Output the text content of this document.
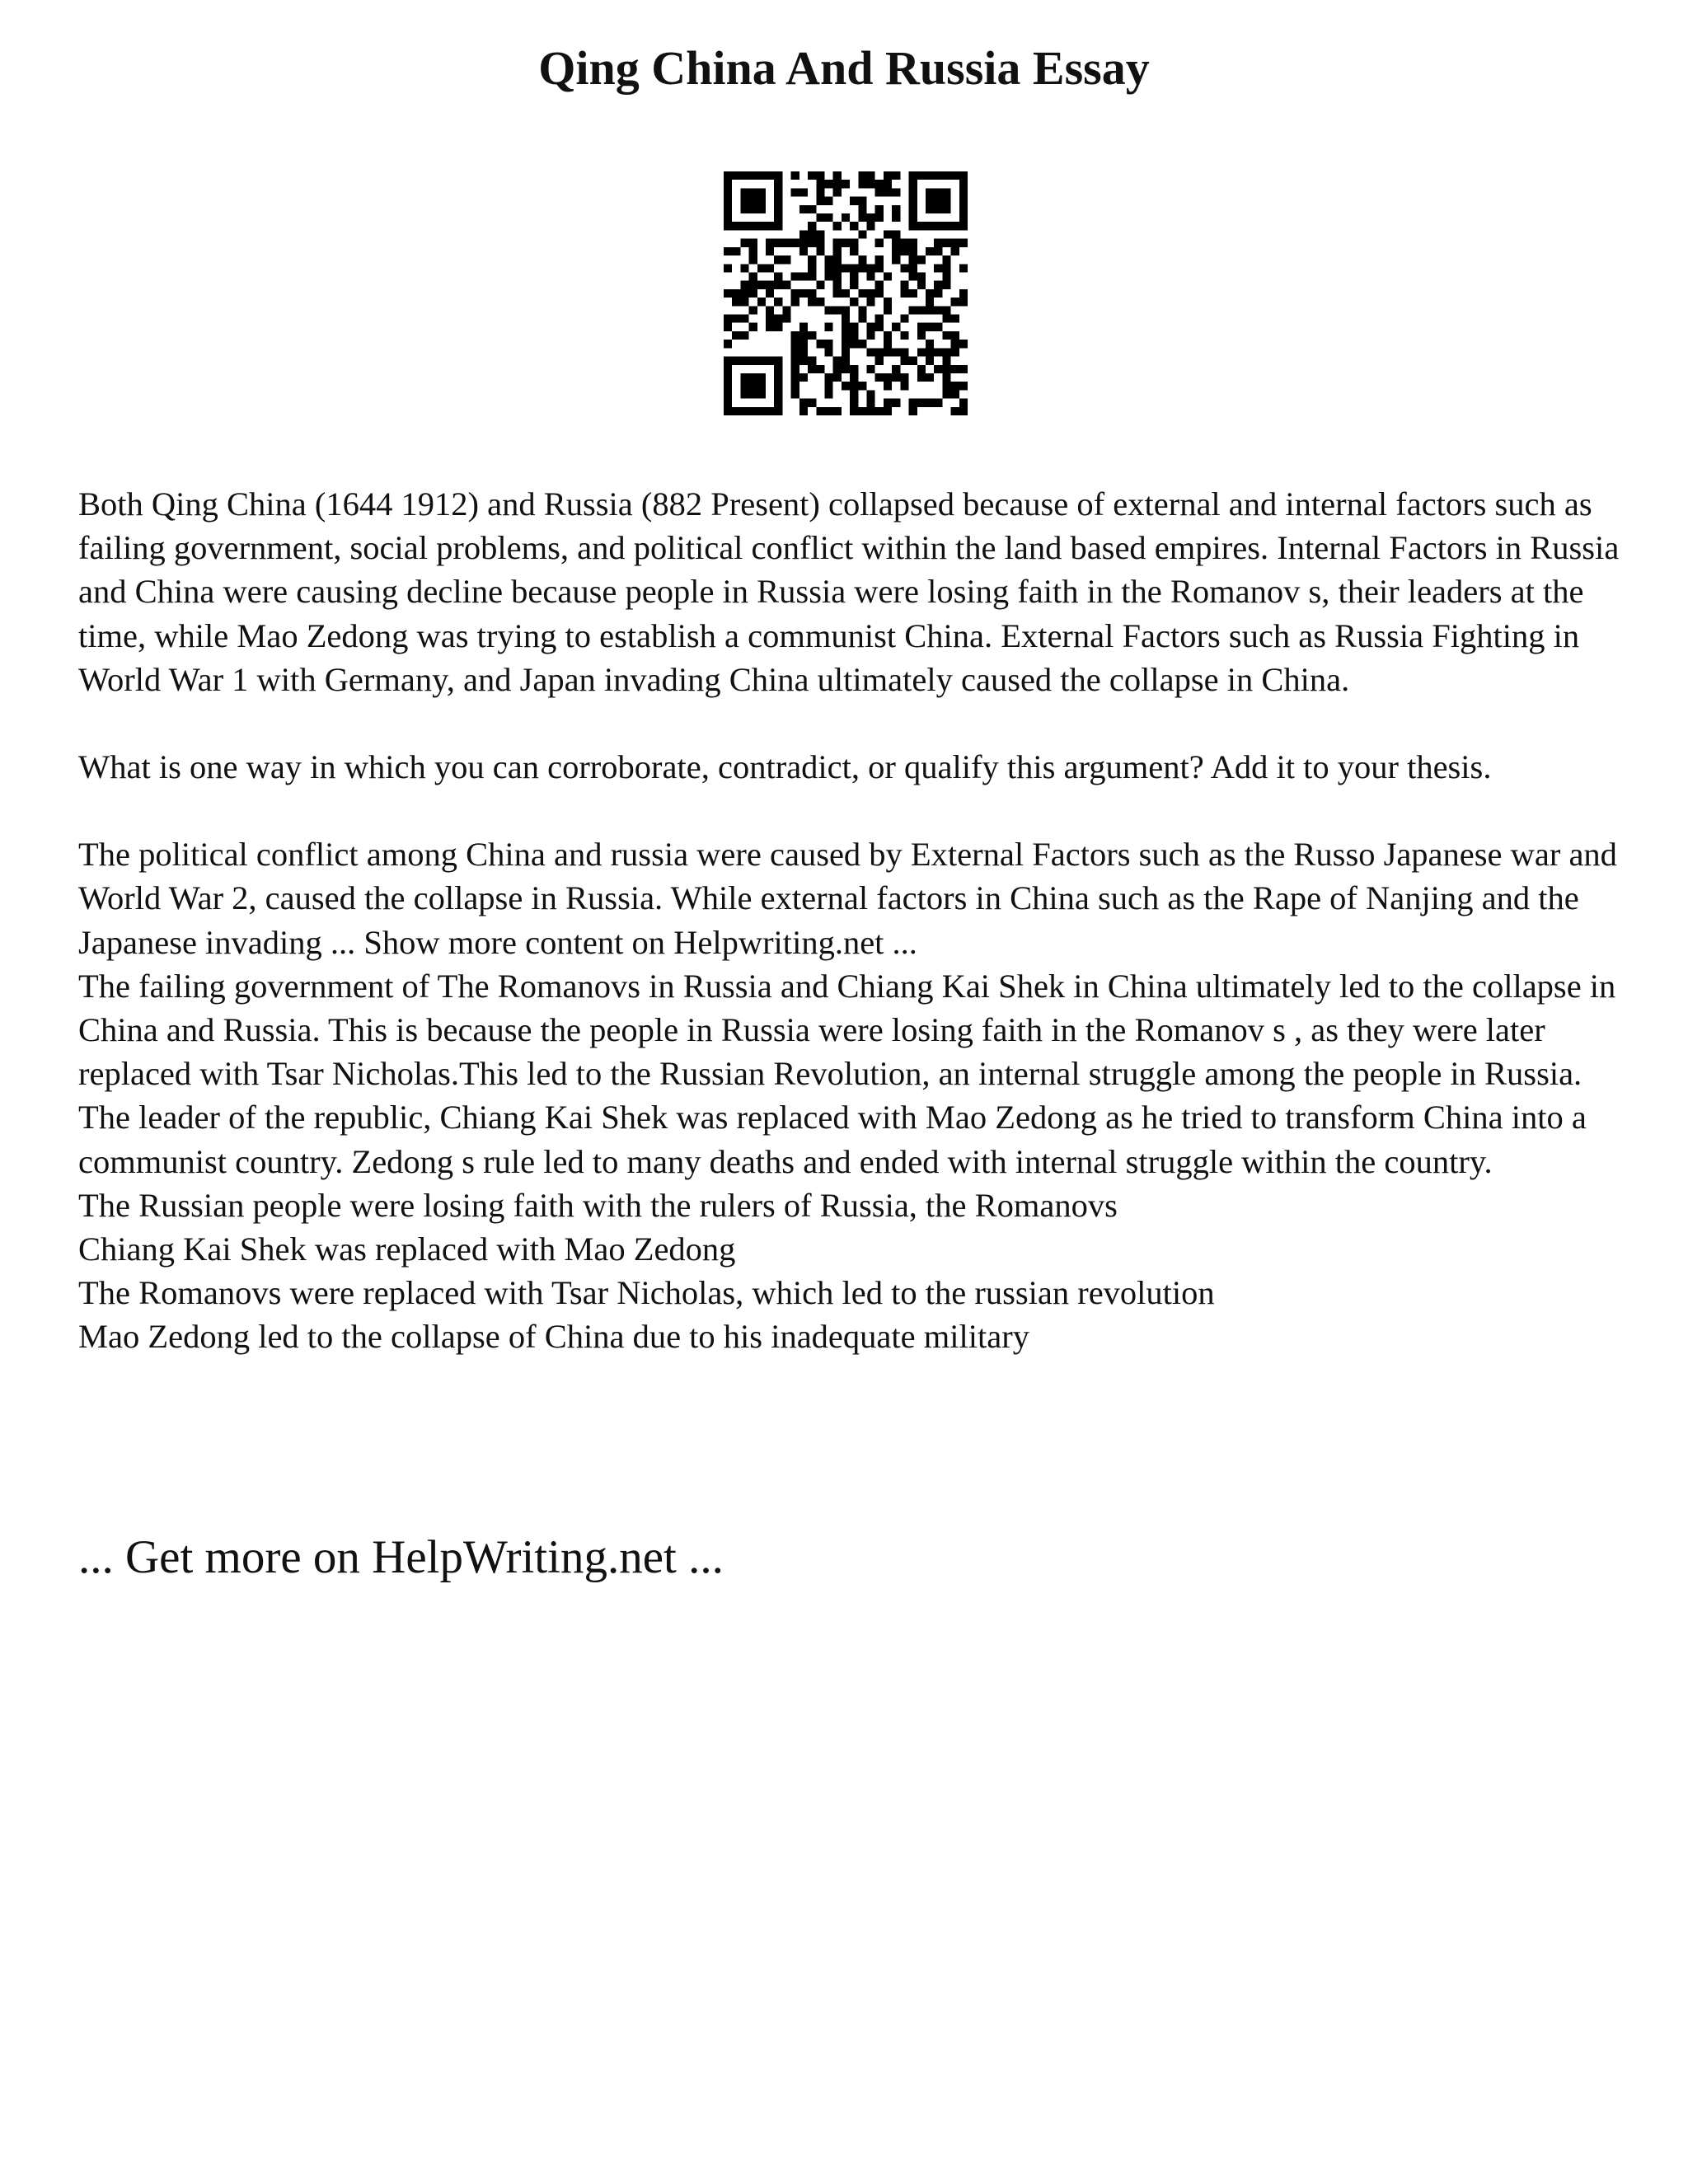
Qing China And Russia Essay

Both Qing China (1644 1912) and Russia (882 Present) collapsed because of external and internal factors such as failing government, social problems, and political conflict within the land based empires. Internal Factors in Russia and China were causing decline because people in Russia were losing faith in the Romanov s, their leaders at the time, while Mao Zedong was trying to establish a communist China. External Factors such as Russia Fighting in World War 1 with Germany, and Japan invading China ultimately caused the collapse in China.

What is one way in which you can corroborate, contradict, or qualify this argument? Add it to your thesis.

The political conflict among China and russia were caused by External Factors such as the Russo Japanese war and World War 2, caused the collapse in Russia. While external factors in China such as the Rape of Nanjing and the Japanese invading ... Show more content on Helpwriting.net ...

The failing government of The Romanovs in Russia and Chiang Kai Shek in China ultimately led to the collapse in China and Russia. This is because the people in Russia were losing faith in the Romanov s , as they were later replaced with Tsar Nicholas.This led to the Russian Revolution, an internal struggle among the people in Russia. The leader of the republic, Chiang Kai Shek was replaced with Mao Zedong as he tried to transform China into a communist country. Zedong s rule led to many deaths and ended with internal struggle within the country.

The Russian people were losing faith with the rulers of Russia, the Romanovs

Chiang Kai Shek was replaced with Mao Zedong

The Romanovs were replaced with Tsar Nicholas, which led to the russian revolution

Mao Zedong led to the collapse of China due to his inadequate military

... Get more on HelpWriting.net ...
